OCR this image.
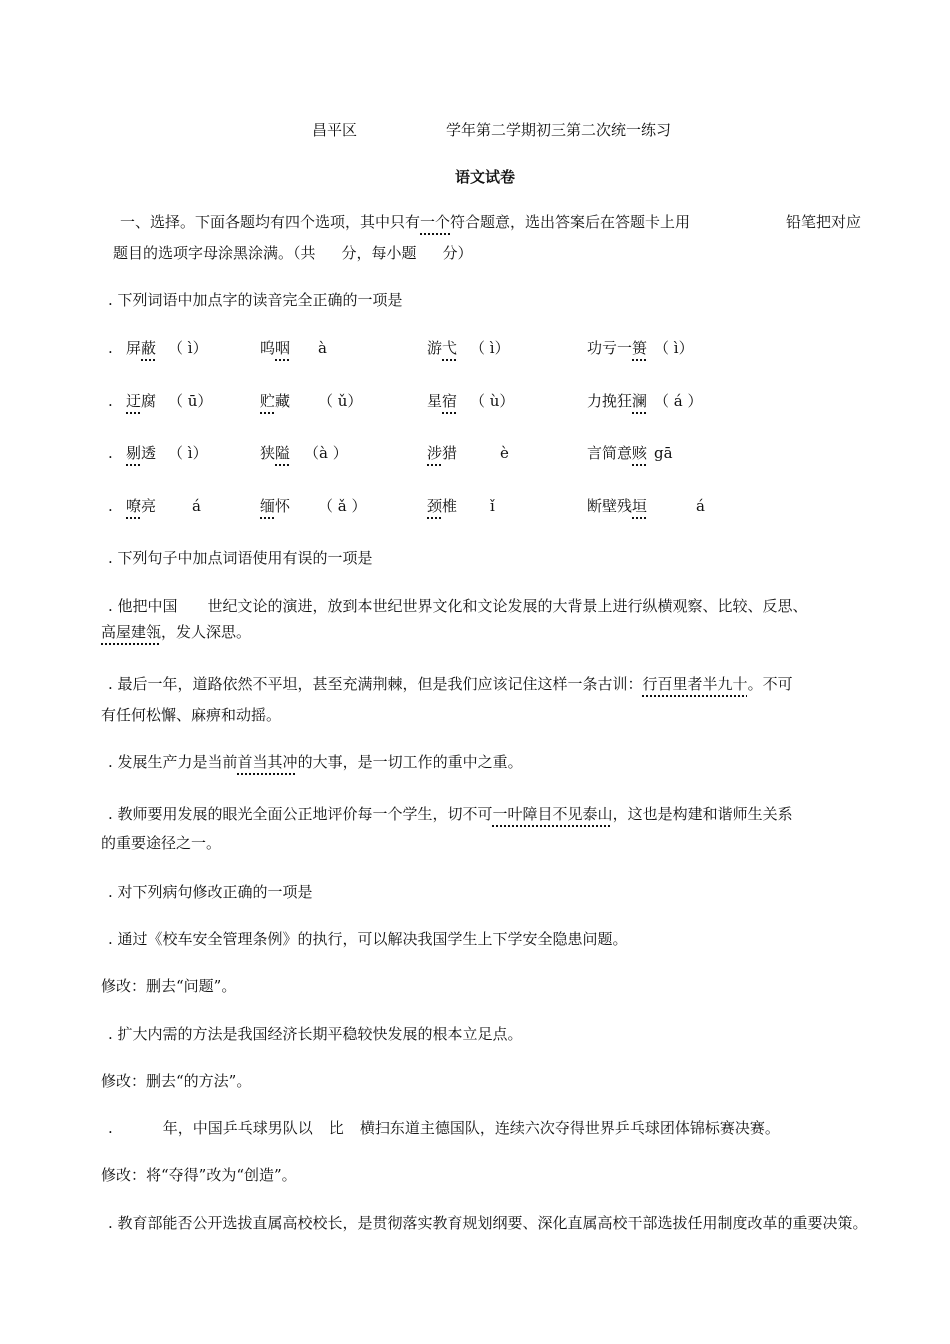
昌平区	学年第二学期初三第二次统一练习
语文试卷
一、选择。下面各题均有四个选项，其中只有一个符合题意，选出答案后在答题卡上用	铅笔把对应
题目的选项字母涂黑涂满。（共 分，每小题 分）
. 下列词语中加点字的读音完全正确的一项是
. 屏蔽 （ ì）	呜咽 à	游弋 （ ì）	功亏一篑 （ ì）
. 迂腐 （ ū）	贮藏 （ ǔ）	星宿 （ ù）	力挽狂澜 （ á ）
. 剔透 （ ì）	狭隘 （à ）	涉猎	è	言简意赅 gā
. 嘹亮 á	缅怀 （ ǎ ）	颈椎 ǐ	断壁残垣	á
. 下列句子中加点词语使用有误的一项是
. 他把中国 世纪文论的演进，放到本世纪世界文化和文论发展的大背景上进行纵横观察、比较、反思、
高屋建瓴，发人深思。
. 最后一年，道路依然不平坦，甚至充满荆棘，但是我们应该记住这样一条古训：行百里者半九十。不可
有任何松懈、麻痹和动摇。
. 发展生产力是当前首当其冲的大事，是一切工作的重中之重。
. 教师要用发展的眼光全面公正地评价每一个学生，切不可一叶障目不见泰山，这也是构建和谐师生关系
的重要途径之一。
. 对下列病句修改正确的一项是
. 通过《校车安全管理条例》的执行，可以解决我国学生上下学安全隐患问题。
修改：删去“问题”。
. 扩大内需的方法是我国经济长期平稳较快发展的根本立足点。
修改：删去“的方法”。
.	年，中国乒乓球男队以 比 横扫东道主德国队，连续六次夺得世界乒乓球团体锦标赛决赛。
修改：将“夺得”改为“创造”。
. 教育部能否公开选拔直属高校校长，是贯彻落实教育规划纲要、深化直属高校干部选拔任用制度改革的重要决策。
